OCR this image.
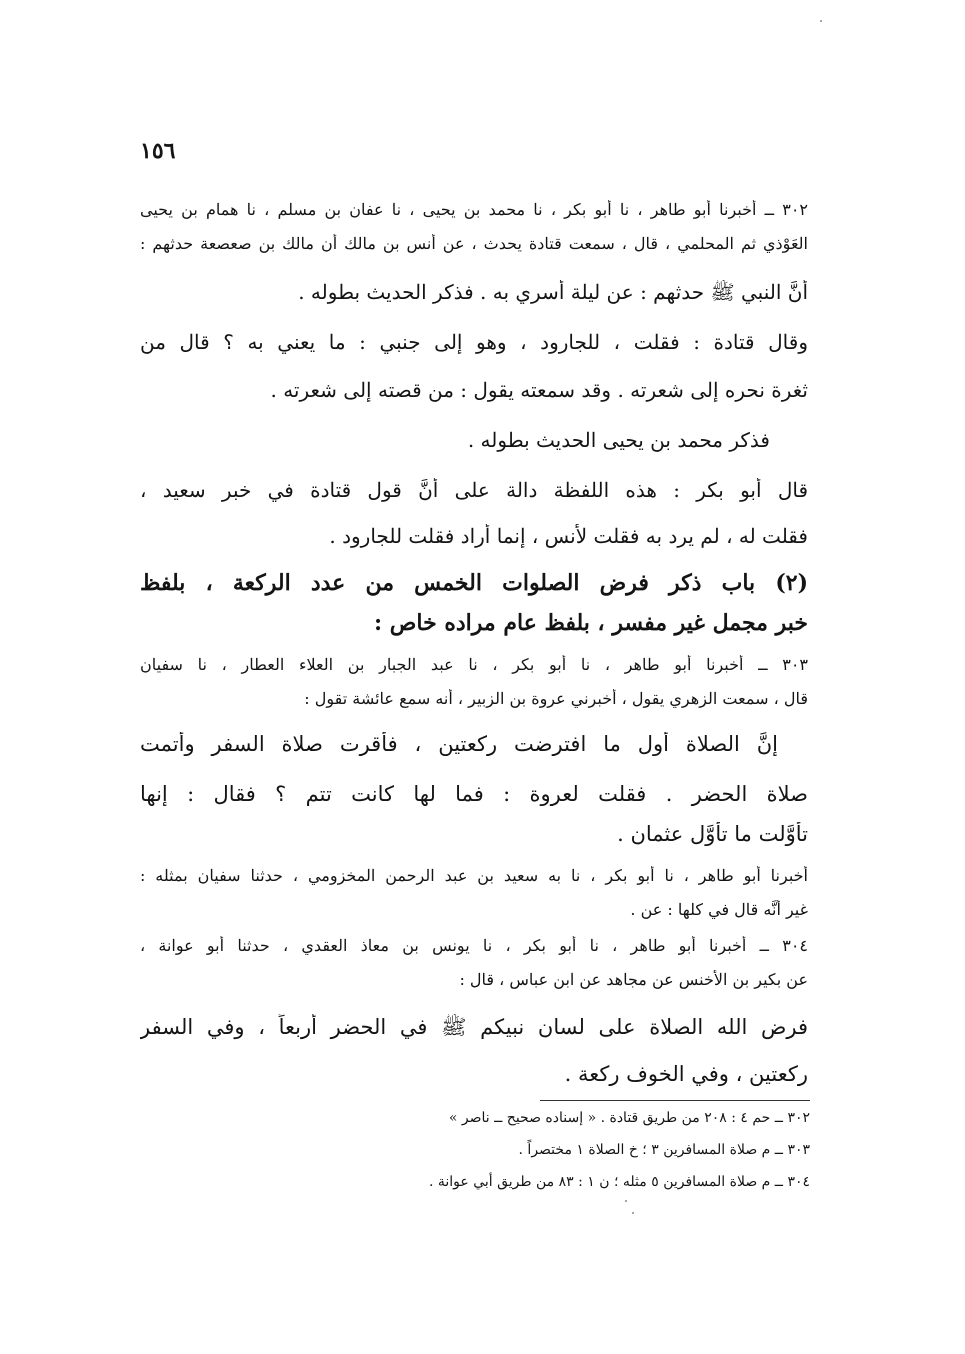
١٥٦
٣٠٢ ــ أخبرنا أبو طاهر ، نا أبو بكر ، نا محمد بن يحيى ، نا عفان بن مسلم ، نا همام بن يحيى
العَوْذي ثم المحلمي ، قال ، سمعت قتادة يحدث ، عن أنس بن مالك أن مالك بن صعصعة حدثهم :
أنَّ النبي ﷺ حدثهم : عن ليلة أُسري به . فذكر الحديث بطوله .
وقال قتادة : فقلت ، للجارود ، وهو إلى جنبي : ما يعني به ؟ قال من
ثغرة نحره إلى شعرته . وقد سمعته يقول : من قصته إلى شعرته .
فذكر محمد بن يحيى الحديث بطوله .
قال أبو بكر : هذه اللفظة دالة على أنَّ قول قتادة في خبر سعيد ،
فقلت له ، لم يرد به فقلت لأنس ، إنما أراد فقلت للجارود .
(٢) باب ذكر فرض الصلوات الخمس من عدد الركعة ، بلفظ
خبر مجمل غير مفسر ، بلفظ عام مراده خاص :
٣٠٣ ــ أخبرنا أبو طاهر ، نا أبو بكر ، نا عبد الجبار بن العلاء العطار ، نا سفيان
قال ، سمعت الزهري يقول ، أخبرني عروة بن الزبير ، أنه سمع عائشة تقول :
إنَّ الصلاة أول ما افترضت ركعتين ، فأُقرت صلاة السفر وأُتمت
صلاة الحضر . فقلت لعروة : فما لها كانت تتم ؟ فقال : إنها
تأوَّلت ما تأوَّل عثمان .
أخبرنا أبو طاهر ، نا أبو بكر ، نا به سعيد بن عبد الرحمن المخزومي ، حدثنا سفيان بمثله :
غير أنَّه قال في كلها : عن .
٣٠٤ ــ أخبرنا أبو طاهر ، نا أبو بكر ، نا يونس بن معاذ العقدي ، حدثنا أبو عوانة ،
عن بكير بن الأخنس عن مجاهد عن ابن عباس ، قال :
فرض الله الصلاة على لسان نبيكم ﷺ في الحضر أربعاً ، وفي السفر
ركعتين ، وفي الخوف ركعة .
٣٠٢ ــ حم ٤ : ٢٠٨ من طريق قتادة . « إسناده صحيح ــ ناصر »
٣٠٣ ــ م صلاة المسافرين ٣ ؛ خ الصلاة ١ مختصراً .
٣٠٤ ــ م صلاة المسافرين ٥ مثله ؛ ن ١ : ٨٣ من طريق أبي عوانة .
